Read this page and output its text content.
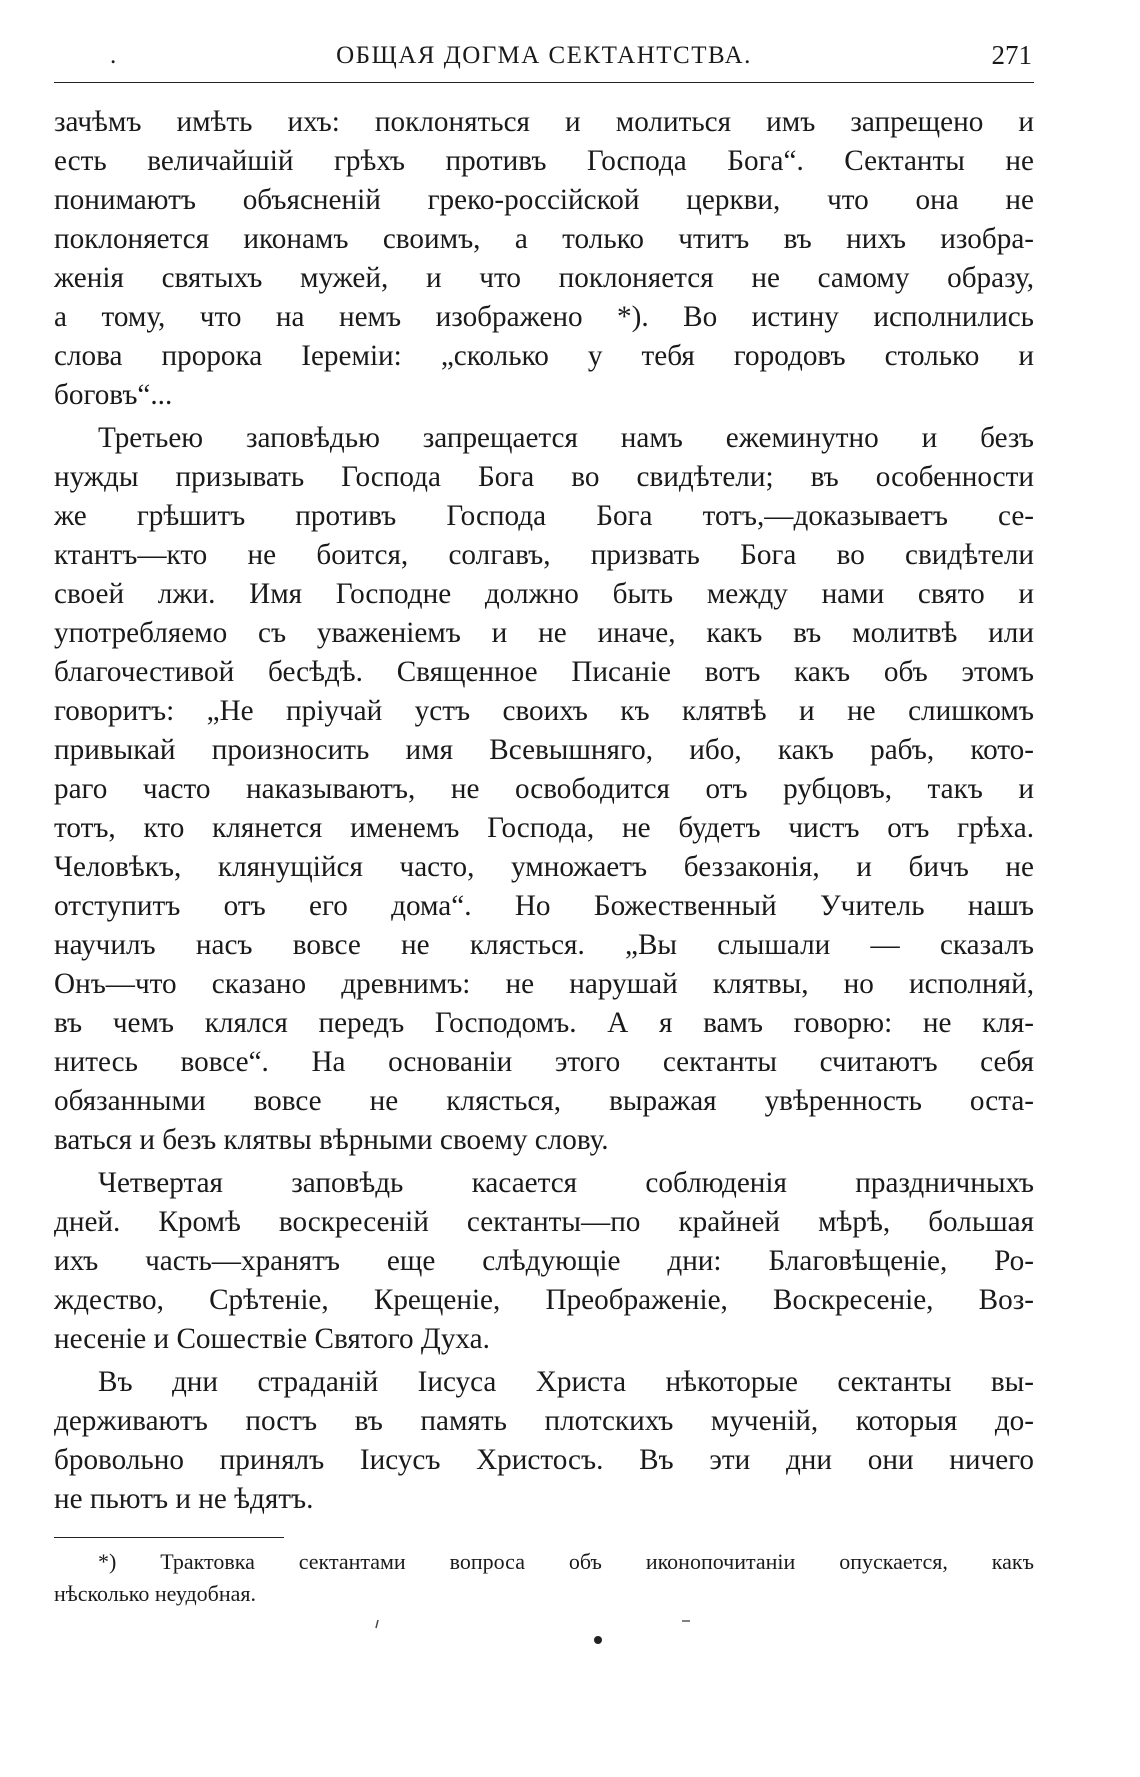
.	ОБЩАЯ ДОГМА СЕКТАНТСТВА.	271
зачѣмъ имѣть ихъ: поклоняться и молиться имъ запрещено и
есть величайшій грѣхъ противъ Господа Бога“. Сектанты не
понимаютъ объясненій греко-россійской церкви, что она не
поклоняется иконамъ своимъ, а только чтитъ въ нихъ изобра-
женія святыхъ мужей, и что поклоняется не самому образу,
а тому, что на немъ изображено *). Во истину исполнились
слова пророка Іереміи: „сколько у тебя городовъ столько и
боговъ“...
Третьею заповѣдью запрещается намъ ежеминутно и безъ
нужды призывать Господа Бога во свидѣтели; въ особенности
же грѣшитъ противъ Господа Бога тотъ,—доказываетъ се-
ктантъ—кто не боится, солгавъ, призвать Бога во свидѣтели
своей лжи. Имя Господне должно быть между нами свято и
употребляемо съ уваженіемъ и не иначе, какъ въ молитвѣ или
благочестивой бесѣдѣ. Священное Писаніе вотъ какъ объ этомъ
говоритъ: „Не пріучай устъ своихъ къ клятвѣ и не слишкомъ
привыкай произносить имя Всевышняго, ибо, какъ рабъ, кото-
раго часто наказываютъ, не освободится отъ рубцовъ, такъ и
тотъ, кто клянется именемъ Господа, не будетъ чистъ отъ грѣха.
Человѣкъ, клянущійся часто, умножаетъ беззаконія, и бичъ не
отступитъ отъ его дома“. Но Божественный Учитель нашъ
научилъ насъ вовсе не клясться. „Вы слышали — сказалъ
Онъ—что сказано древнимъ: не нарушай клятвы, но исполняй,
въ чемъ клялся передъ Господомъ. А я вамъ говорю: не кля-
нитесь вовсе“. На основаніи этого сектанты считаютъ себя
обязанными вовсе не клясться, выражая увѣренность оста-
ваться и безъ клятвы вѣрными своему слову.
Четвертая заповѣдь касается соблюденія праздничныхъ
дней. Кромѣ воскресеній сектанты—по крайней мѣрѣ, большая
ихъ часть—хранятъ еще слѣдующіе дни: Благовѣщеніе, Ро-
ждество, Срѣтеніе, Крещеніе, Преображеніе, Воскресеніе, Воз-
несеніе и Сошествіе Святого Духа.
Въ дни страданій Іисуса Христа нѣкоторые сектанты вы-
держиваютъ постъ въ память плотскихъ мученій, которыя до-
бровольно принялъ Іисусъ Христосъ. Въ эти дни они ничего
не пьютъ и не ѣдятъ.
*) Трактовка сектантами вопроса объ иконопочитаніи опускается, какъ
нѣсколько неудобная.
